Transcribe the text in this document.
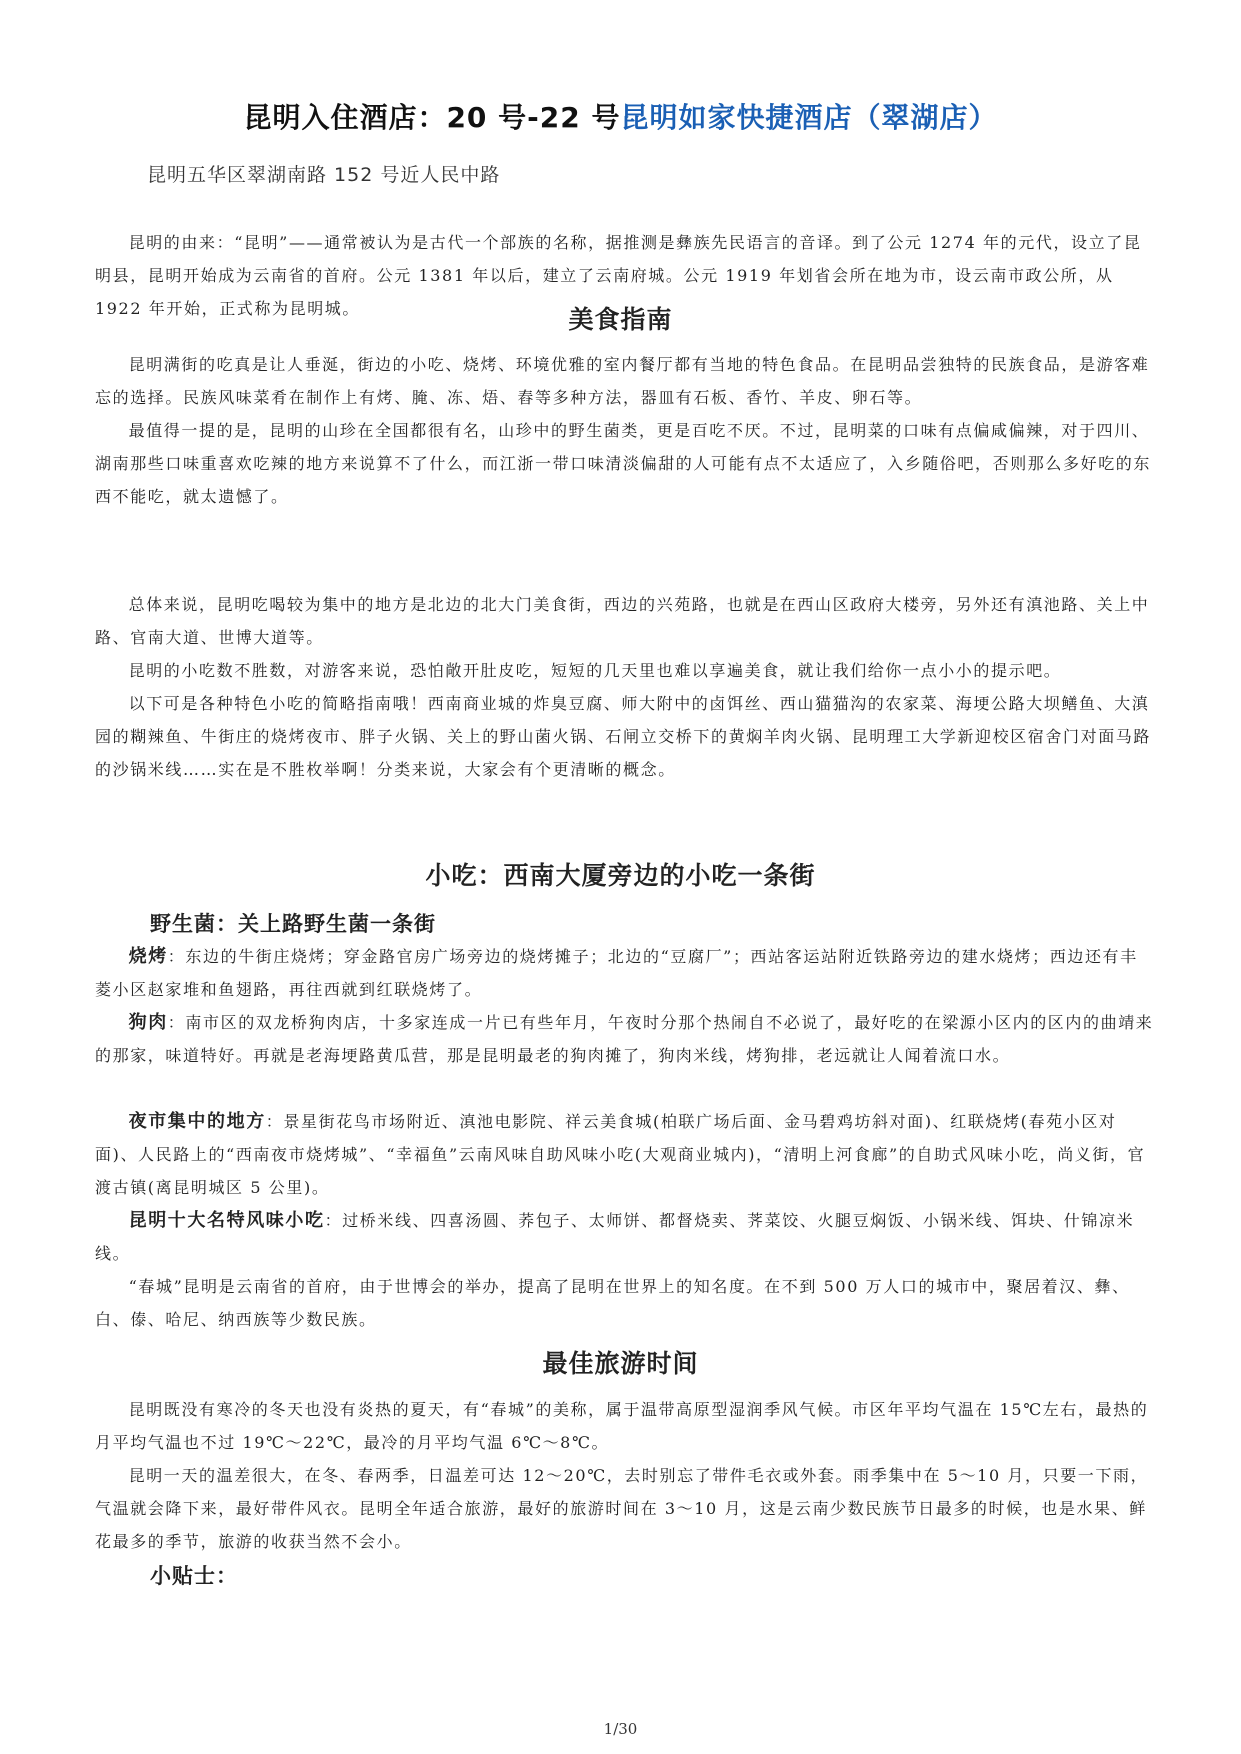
昆明入住酒店：20 号-22 号昆明如家快捷酒店（翠湖店）
昆明五华区翠湖南路 152 号近人民中路

昆明的由来：“昆明”——通常被认为是古代一个部族的名称，据推测是彝族先民语言的音译。到了公元 1274 年的元代，设立了昆明县，昆明开始成为云南省的首府。公元 1381 年以后，建立了云南府城。公元 1919 年划省会所在地为市，设云南市政公所，从 1922 年开始，正式称为昆明城。	美食指南

昆明满街的吃真是让人垂涎，街边的小吃、烧烤、环境优雅的室内餐厅都有当地的特色食品。在昆明品尝独特的民族食品，是游客难忘的选择。民族风味菜肴在制作上有烤、腌、冻、焐、舂等多种方法，器皿有石板、香竹、羊皮、卵石等。

最值得一提的是，昆明的山珍在全国都很有名，山珍中的野生菌类，更是百吃不厌。不过，昆明菜的口味有点偏咸偏辣，对于四川、湖南那些口味重喜欢吃辣的地方来说算不了什么，而江浙一带口味清淡偏甜的人可能有点不太适应了，入乡随俗吧，否则那么多好吃的东西不能吃，就太遗憾了。

总体来说，昆明吃喝较为集中的地方是北边的北大门美食街，西边的兴苑路，也就是在西山区政府大楼旁，另外还有滇池路、关上中路、官南大道、世博大道等。

昆明的小吃数不胜数，对游客来说，恐怕敞开肚皮吃，短短的几天里也难以享遍美食，就让我们给你一点小小的提示吧。

以下可是各种特色小吃的简略指南哦！西南商业城的炸臭豆腐、师大附中的卤饵丝、西山猫猫沟的农家菜、海埂公路大坝鳝鱼、大滇园的糊辣鱼、牛街庄的烧烤夜市、胖子火锅、关上的野山菌火锅、石闸立交桥下的黄焖羊肉火锅、昆明理工大学新迎校区宿舍门对面马路的沙锅米线……实在是不胜枚举啊！分类来说，大家会有个更清晰的概念。

小吃：西南大厦旁边的小吃一条街
野生菌：关上路野生菌一条街

烧烤：东边的牛街庄烧烤；穿金路官房广场旁边的烧烤摊子；北边的“豆腐厂”；西站客运站附近铁路旁边的建水烧烤；西边还有丰菱小区赵家堆和鱼翅路，再往西就到红联烧烤了。

狗肉：南市区的双龙桥狗肉店，十多家连成一片已有些年月，午夜时分那个热闹自不必说了，最好吃的在梁源小区内的区内的曲靖来的那家，味道特好。再就是老海埂路黄瓜营，那是昆明最老的狗肉摊了，狗肉米线，烤狗排，老远就让人闻着流口水。

夜市集中的地方：景星街花鸟市场附近、滇池电影院、祥云美食城(柏联广场后面、金马碧鸡坊斜对面)、红联烧烤(春苑小区对面)、人民路上的“西南夜市烧烤城”、“幸福鱼”云南风味自助风味小吃(大观商业城内)，“清明上河食廊”的自助式风味小吃，尚义街，官渡古镇(离昆明城区 5 公里)。

昆明十大名特风味小吃：过桥米线、四喜汤圆、荞包子、太师饼、都督烧卖、荠菜饺、火腿豆焖饭、小锅米线、饵块、什锦凉米线。

“春城”昆明是云南省的首府，由于世博会的举办，提高了昆明在世界上的知名度。在不到 500 万人口的城市中，聚居着汉、彝、白、傣、哈尼、纳西族等少数民族。

最佳旅游时间

昆明既没有寒冷的冬天也没有炎热的夏天，有“春城”的美称，属于温带高原型湿润季风气候。市区年平均气温在 15℃左右，最热的月平均气温也不过 19℃～22℃，最冷的月平均气温 6℃～8℃。

昆明一天的温差很大，在冬、春两季，日温差可达 12～20℃，去时别忘了带件毛衣或外套。雨季集中在 5～10 月，只要一下雨，气温就会降下来，最好带件风衣。昆明全年适合旅游，最好的旅游时间在 3～10 月，这是云南少数民族节日最多的时候，也是水果、鲜花最多的季节，旅游的收获当然不会小。

小贴士：
1/30
